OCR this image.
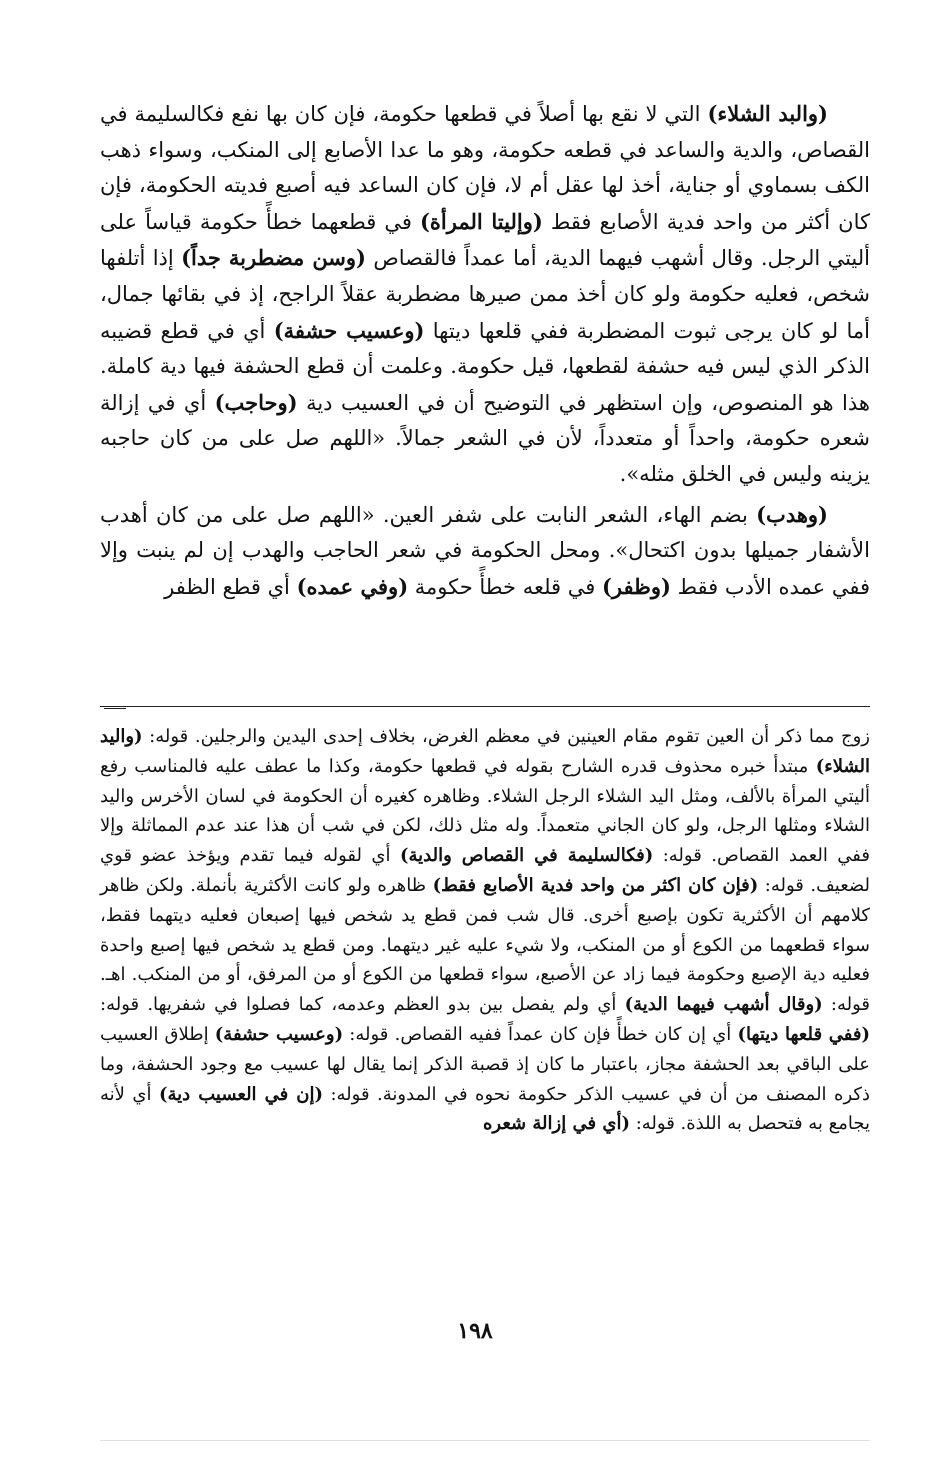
(والبد الشلاء) التي لا نقع بها أصلاً في قطعها حكومة، فإن كان بها نفع فكالسليمة في القصاص، والدية والساعد في قطعه حكومة، وهو ما عدا الأصابع إلى المنكب، وسواء ذهب الكف بسماوي أو جناية، أخذ لها عقل أم لا، فإن كان الساعد فيه أصبع فديته الحكومة، فإن كان أكثر من واحد فدية الأصابع فقط (وإليتا المرأة) في قطعهما خطأً حكومة قياساً على أليتي الرجل. وقال أشهب فيهما الدية، أما عمداً فالقصاص (وسن مضطربة جداً) إذا أتلفها شخص، فعليه حكومة ولو كان أخذ ممن صيرها مضطربة عقلاً الراجح، إذ في بقائها جمال، أما لو كان يرجى ثبوت المضطربة ففي قلعها ديتها (وعسيب حشفة) أي في قطع قضيبه الذكر الذي ليس فيه حشفة لقطعها، قيل حكومة. وعلمت أن قطع الحشفة فيها دية كاملة. هذا هو المنصوص، وإن استظهر في التوضيح أن في العسيب دية (وحاجب) أي في إزالة شعره حكومة، واحداً أو متعدداً، لأن في الشعر جمالاً. «اللهم صل على من كان حاجبه يزينه وليس في الخلق مثله».

(وهدب) بضم الهاء، الشعر النابت على شفر العين. «اللهم صل على من كان أهدب الأشفار جميلها بدون اكتحال». ومحل الحكومة في شعر الحاجب والهدب إن لم ينبت وإلا ففي عمده الأدب فقط (وظفر) في قلعه خطأً حكومة (وفي عمده) أي قطع الظفر

زوج مما ذكر أن العين تقوم مقام العينين في معظم الغرض، بخلاف إحدى اليدين والرجلين. قوله: (واليد الشلاء) مبتدأ خبره محذوف قدره الشارح بقوله في قطعها حكومة، وكذا ما عطف عليه فالمناسب رفع أليتي المرأة بالألف، ومثل اليد الشلاء الرجل الشلاء. وظاهره كغيره أن الحكومة في لسان الأخرس واليد الشلاء ومثلها الرجل، ولو كان الجاني متعمداً. وله مثل ذلك، لكن في شب أن هذا عند عدم المماثلة وإلا ففي العمد القصاص. قوله: (فكالسليمة في القصاص والدية) أي لقوله فيما تقدم ويؤخذ عضو قوي لضعيف. قوله: (فإن كان اكثر من واحد فدية الأصابع فقط) ظاهره ولو كانت الأكثرية بأنملة. ولكن ظاهر كلامهم أن الأكثرية تكون بإصبع أخرى. قال شب فمن قطع يد شخص فيها إصبعان فعليه ديتهما فقط، سواء قطعهما من الكوع أو من المنكب، ولا شيء عليه غير ديتهما. ومن قطع يد شخص فيها إصبع واحدة فعليه دية الإصبع وحكومة فيما زاد عن الأصبع، سواء قطعها من الكوع أو من المرفق، أو من المنكب. اهـ. قوله: (وقال أشهب فيهما الدية) أي ولم يفصل بين بدو العظم وعدمه، كما فصلوا في شفريها. قوله: (ففي قلعها ديتها) أي إن كان خطأً فإن كان عمداً ففيه القصاص. قوله: (وعسيب حشفة) إطلاق العسيب على الباقي بعد الحشفة مجاز، باعتبار ما كان إذ قصبة الذكر إنما يقال لها عسيب مع وجود الحشفة، وما ذكره المصنف من أن في عسيب الذكر حكومة نحوه في المدونة. قوله: (إن في العسيب دية) أي لأنه يجامع به فتحصل به اللذة. قوله: (أي في إزالة شعره

١٩٨
